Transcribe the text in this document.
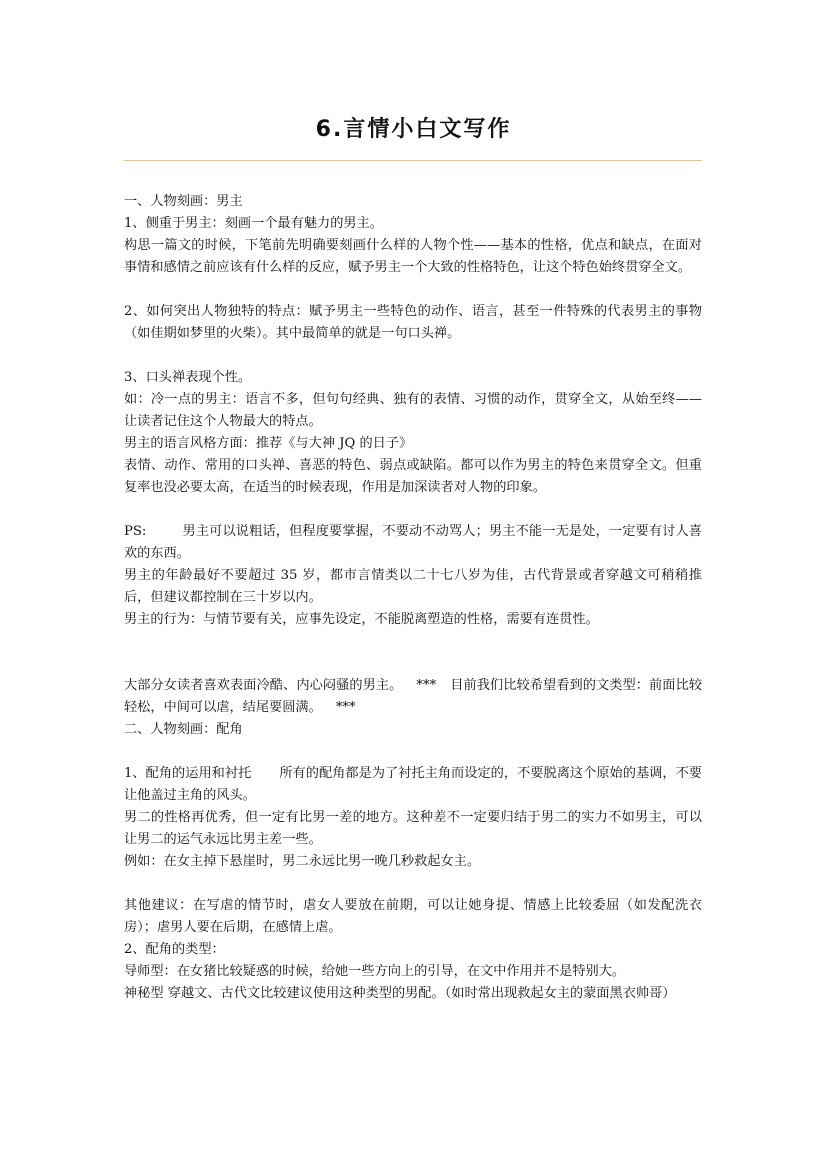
6.言情小白文写作

一、人物刻画：男主

1、侧重于男主：刻画一个最有魅力的男主。

构思一篇文的时候，下笔前先明确要刻画什么样的人物个性——基本的性格，优点和缺点，在面对事情和感情之前应该有什么样的反应，赋予男主一个大致的性格特色，让这个特色始终贯穿全文。

2、如何突出人物独特的特点：赋予男主一些特色的动作、语言，甚至一件特殊的代表男主的事物（如佳期如梦里的火柴）。其中最简单的就是一句口头禅。

3、口头禅表现个性。

如：冷一点的男主：语言不多，但句句经典、独有的表情、习惯的动作，贯穿全文，从始至终——让读者记住这个人物最大的特点。

男主的语言风格方面：推荐《与大神 JQ 的日子》

表情、动作、常用的口头禅、喜恶的特色、弱点或缺陷。都可以作为男主的特色来贯穿全文。但重复率也没必要太高，在适当的时候表现，作用是加深读者对人物的印象。

PS:	男主可以说粗话，但程度要掌握，不要动不动骂人；男主不能一无是处，一定要有讨人喜欢的东西。

男主的年龄最好不要超过 35 岁，都市言情类以二十七八岁为佳，古代背景或者穿越文可稍稍推后，但建议都控制在三十岁以内。

男主的行为：与情节要有关，应事先设定，不能脱离塑造的性格，需要有连贯性。

大部分女读者喜欢表面冷酷、内心闷骚的男主。 *** 目前我们比较希望看到的文类型：前面比较轻松，中间可以虐，结尾要圆满。 ***

二、人物刻画：配角

1、配角的运用和衬托 所有的配角都是为了衬托主角而设定的，不要脱离这个原始的基调，不要让他盖过主角的风头。

男二的性格再优秀，但一定有比男一差的地方。这种差不一定要归结于男二的实力不如男主，可以让男二的运气永远比男主差一些。

例如：在女主掉下悬崖时，男二永远比男一晚几秒救起女主。

其他建议：在写虐的情节时，虐女人要放在前期，可以让她身提、情感上比较委屈（如发配洗衣房）；虐男人要在后期，在感情上虐。

2、配角的类型：

导师型：在女猪比较疑惑的时候，给她一些方向上的引导，在文中作用并不是特别大。

神秘型 穿越文、古代文比较建议使用这种类型的男配。（如时常出现救起女主的蒙面黑衣帅哥）
